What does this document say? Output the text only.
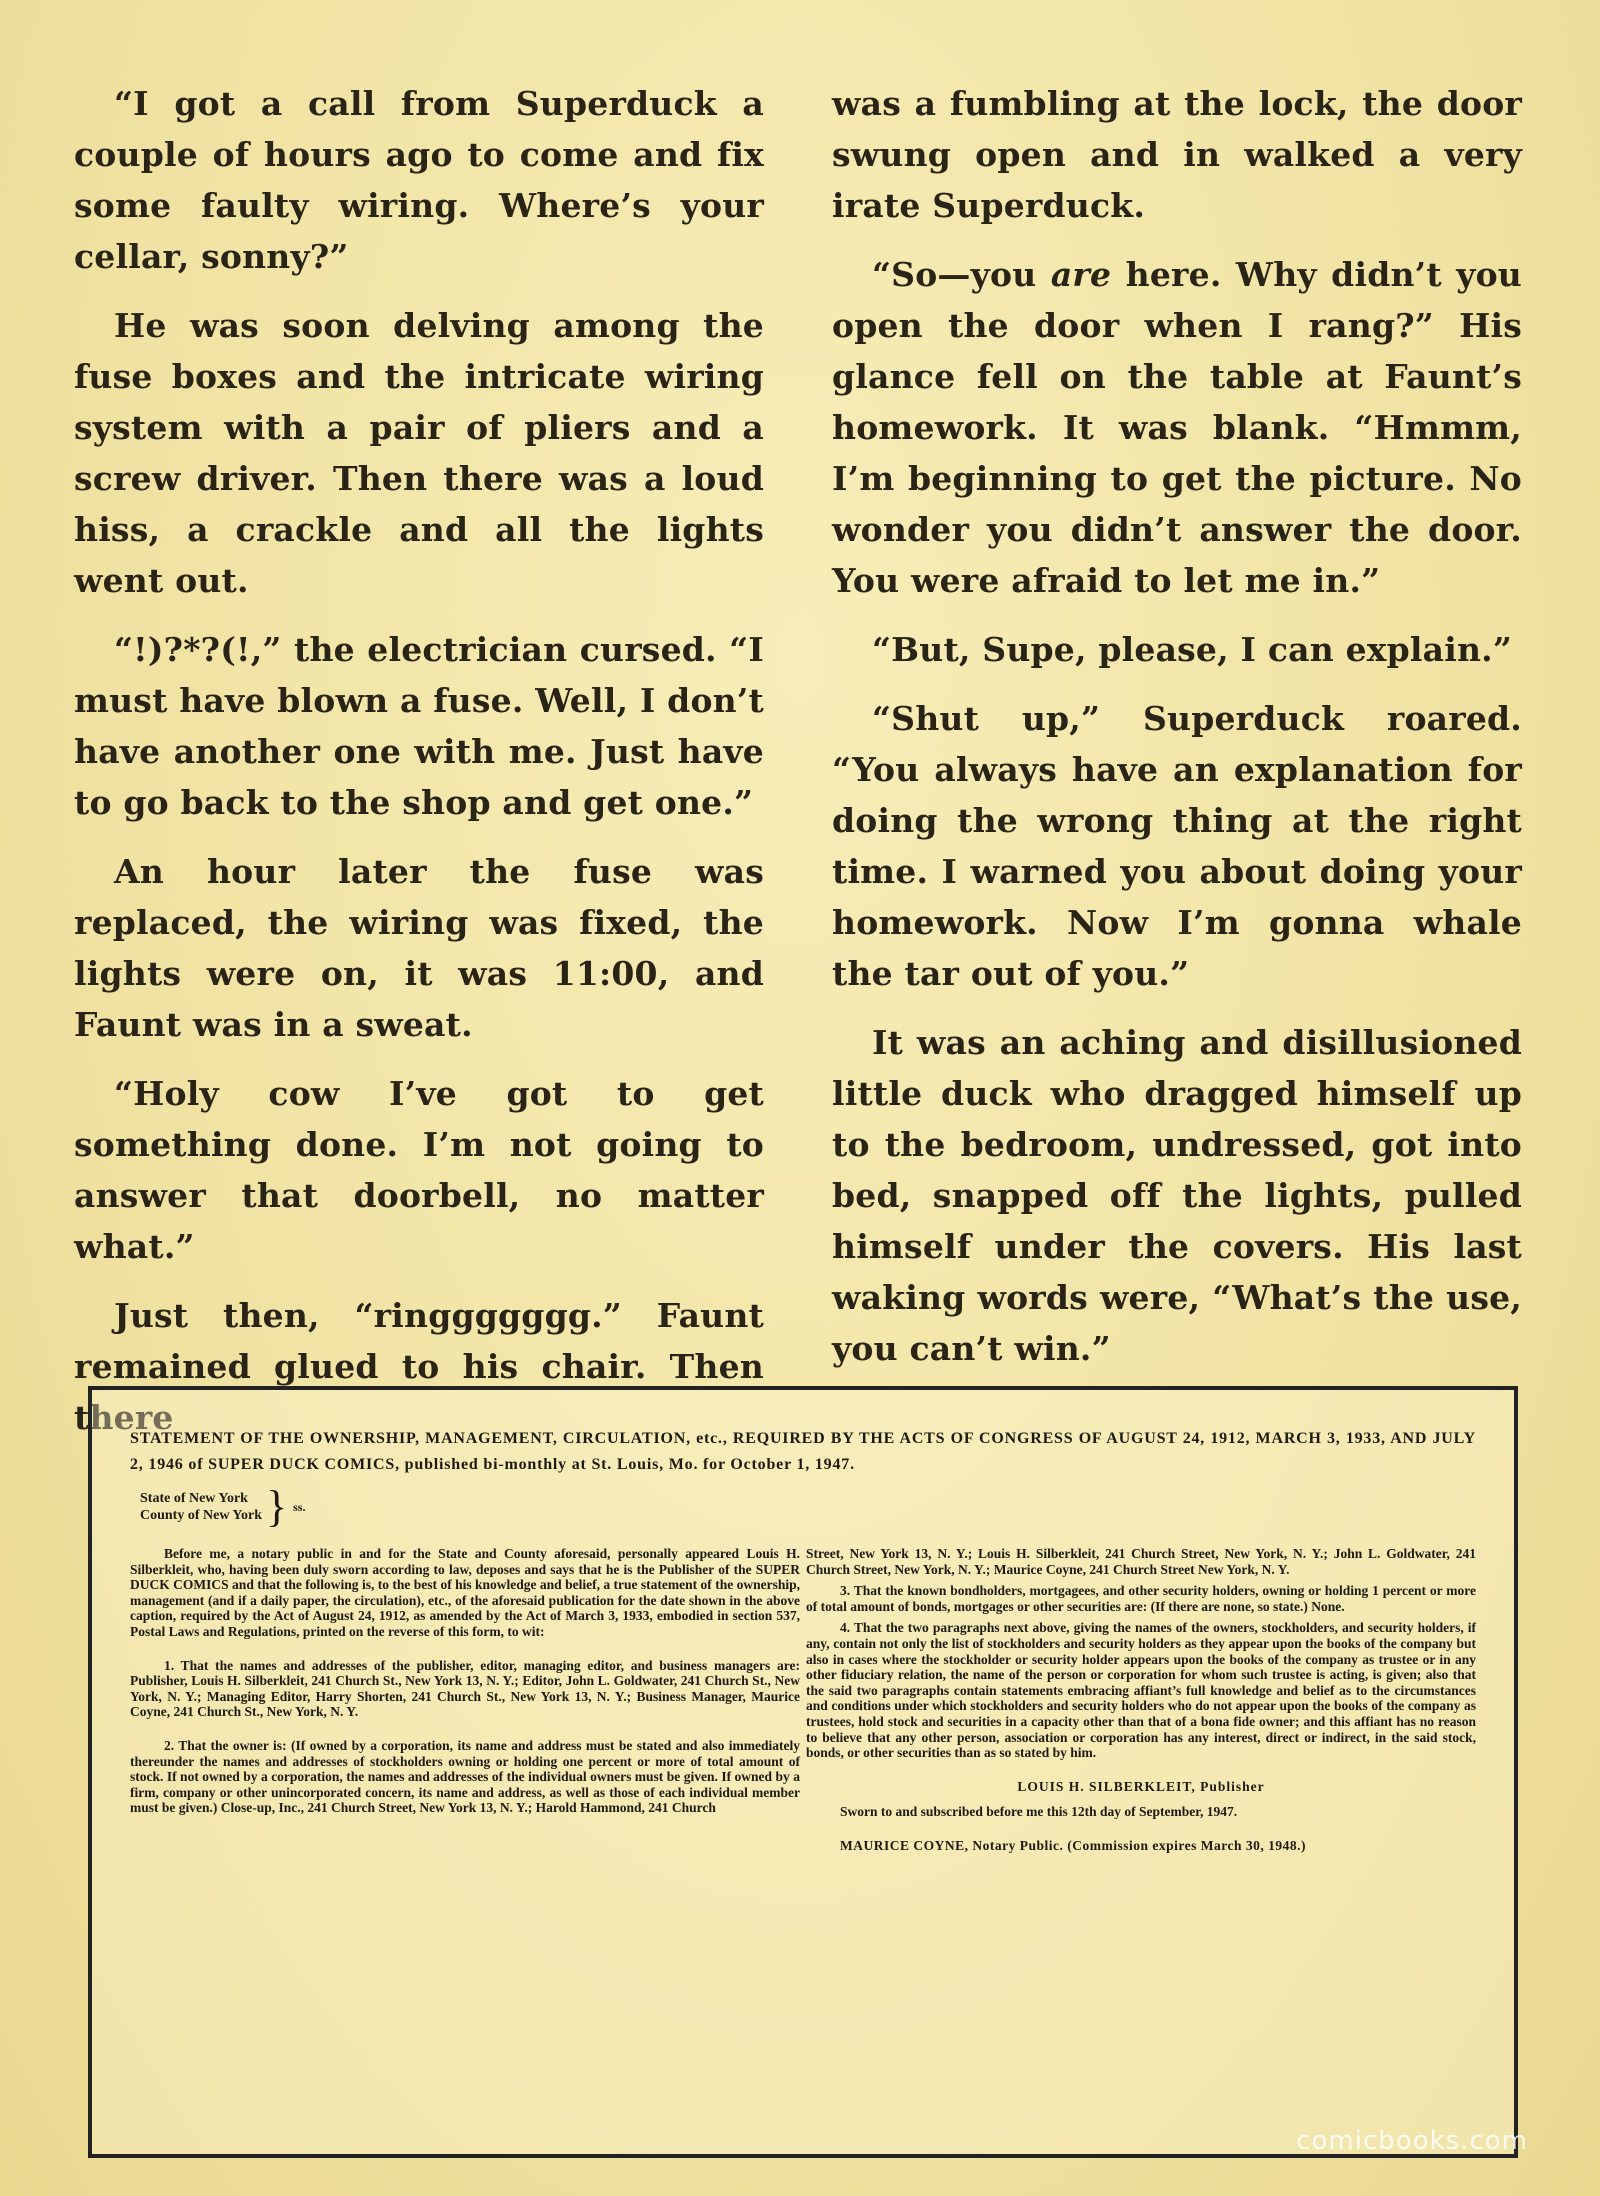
“I got a call from Superduck a couple of hours ago to come and fix some faulty wiring. Where’s your cellar, sonny?”

He was soon delving among the fuse boxes and the intricate wiring system with a pair of pliers and a screw driver. Then there was a loud hiss, a crackle and all the lights went out.

“!)?*?(!,” the electrician cursed. “I must have blown a fuse. Well, I don’t have another one with me. Just have to go back to the shop and get one.”

An hour later the fuse was replaced, the wiring was fixed, the lights were on, it was 11:00, and Faunt was in a sweat.

“Holy cow I’ve got to get something done. I’m not going to answer that doorbell, no matter what.”

Just then, “ringgggggg.” Faunt remained glued to his chair. Then there

was a fumbling at the lock, the door swung open and in walked a very irate Superduck.

“So—you are here. Why didn’t you open the door when I rang?” His glance fell on the table at Faunt’s homework. It was blank. “Hmmm, I’m beginning to get the picture. No wonder you didn’t answer the door. You were afraid to let me in.”

“But, Supe, please, I can explain.”

“Shut up,” Superduck roared. “You always have an explanation for doing the wrong thing at the right time. I warned you about doing your homework. Now I’m gonna whale the tar out of you.”

It was an aching and disillusioned little duck who dragged himself up to the bedroom, undressed, got into bed, snapped off the lights, pulled himself under the covers. His last waking words were, “What’s the use, you can’t win.”

STATEMENT OF THE OWNERSHIP, MANAGEMENT, CIRCULATION, etc., REQUIRED BY THE ACTS OF CONGRESS OF AUGUST 24, 1912, MARCH 3, 1933, AND JULY 2, 1946 of SUPER DUCK COMICS, published bi-monthly at St. Louis, Mo. for October 1, 1947.
State of New York
County of New York } ss.

Before me, a notary public in and for the State and County aforesaid, personally appeared Louis H. Silberkleit, who, having been duly sworn according to law, deposes and says that he is the Publisher of the SUPER DUCK COMICS and that the following is, to the best of his knowledge and belief, a true statement of the ownership, management (and if a daily paper, the circulation), etc., of the aforesaid publication for the date shown in the above caption, required by the Act of August 24, 1912, as amended by the Act of March 3, 1933, embodied in section 537, Postal Laws and Regulations, printed on the reverse of this form, to wit:

1. That the names and addresses of the publisher, editor, managing editor, and business managers are: Publisher, Louis H. Silberkleit, 241 Church St., New York 13, N. Y.; Editor, John L. Goldwater, 241 Church St., New York, N. Y.; Managing Editor, Harry Shorten, 241 Church St., New York 13, N. Y.; Business Manager, Maurice Coyne, 241 Church St., New York, N. Y.

2. That the owner is: (If owned by a corporation, its name and address must be stated and also immediately thereunder the names and addresses of stockholders owning or holding one percent or more of total amount of stock. If not owned by a corporation, the names and addresses of the individual owners must be given. If owned by a firm, company or other unincorporated concern, its name and address, as well as those of each individual member must be given.) Close-up, Inc., 241 Church Street, New York 13, N. Y.; Harold Hammond, 241 Church

Street, New York 13, N. Y.; Louis H. Silberkleit, 241 Church Street, New York, N. Y.; John L. Goldwater, 241 Church Street, New York, N. Y.; Maurice Coyne, 241 Church Street New York, N. Y.

3. That the known bondholders, mortgagees, and other security holders, owning or holding 1 percent or more of total amount of bonds, mortgages or other securities are: (If there are none, so state.) None.

4. That the two paragraphs next above, giving the names of the owners, stockholders, and security holders, if any, contain not only the list of stockholders and security holders as they appear upon the books of the company but also in cases where the stockholder or security holder appears upon the books of the company as trustee or in any other fiduciary relation, the name of the person or corporation for whom such trustee is acting, is given; also that the said two paragraphs contain statements embracing affiant’s full knowledge and belief as to the circumstances and conditions under which stockholders and security holders who do not appear upon the books of the company as trustees, hold stock and securities in a capacity other than that of a bona fide owner; and this affiant has no reason to believe that any other person, association or corporation has any interest, direct or indirect, in the said stock, bonds, or other securities than as so stated by him.

LOUIS H. SILBERKLEIT, Publisher

Sworn to and subscribed before me this 12th day of September, 1947.

MAURICE COYNE, Notary Public. (Commission expires March 30, 1948.)

comicbooks.com
